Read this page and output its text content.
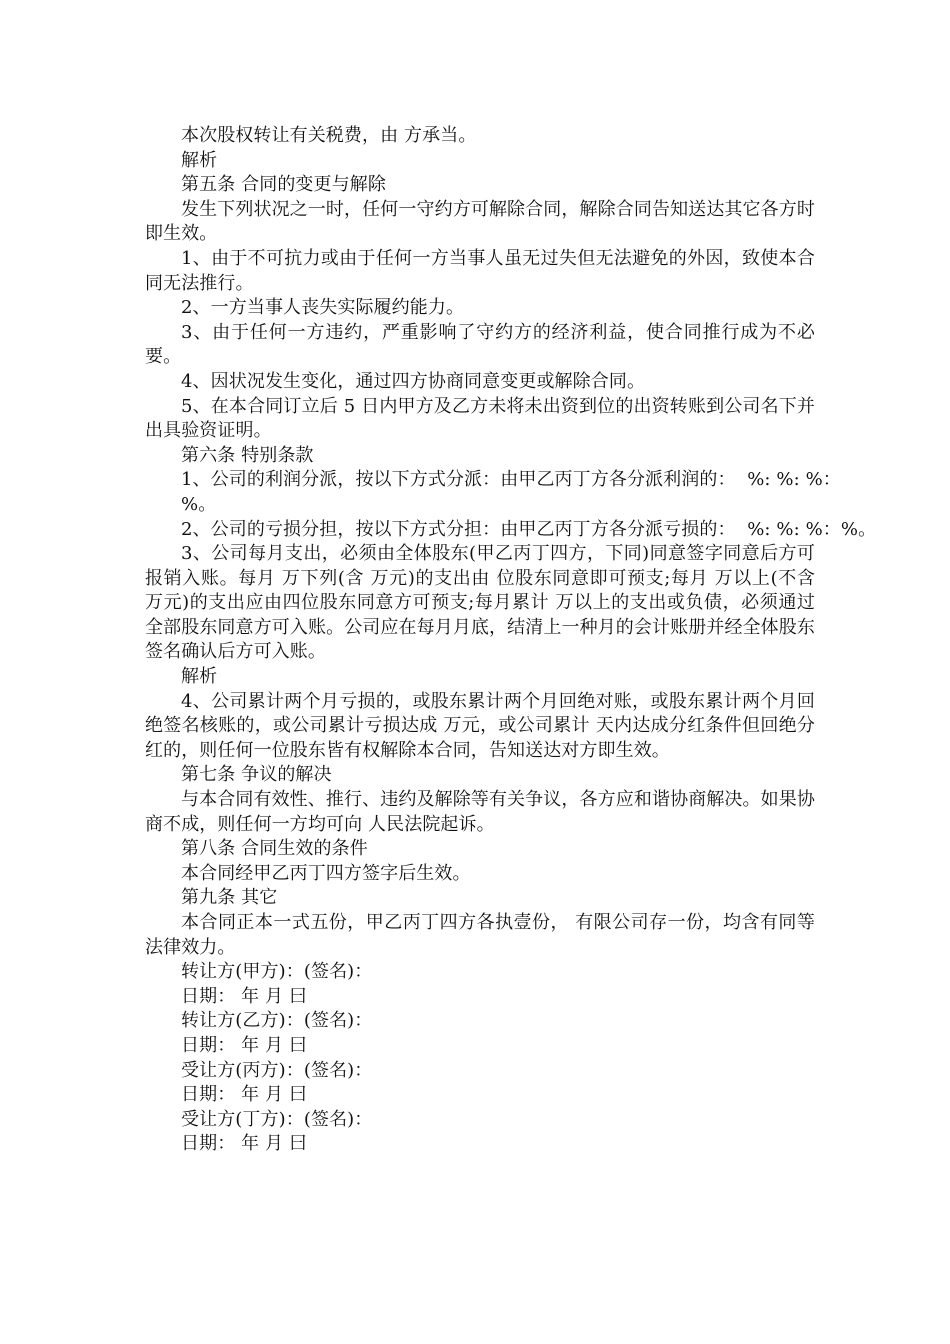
本次股权转让有关税费，由 方承当。

解析

第五条 合同的变更与解除

发生下列状况之一时，任何一守约方可解除合同，解除合同告知送达其它各方时即生效。

1、由于不可抗力或由于任何一方当事人虽无过失但无法避免的外因，致使本合同无法推行。

2、一方当事人丧失实际履约能力。

3、由于任何一方违约，严重影响了守约方的经济利益，使合同推行成为不必要。

4、因状况发生变化，通过四方协商同意变更或解除合同。

5、在本合同订立后 5 日内甲方及乙方未将未出资到位的出资转账到公司名下并出具验资证明。

第六条 特别条款

1、公司的利润分派，按以下方式分派：由甲乙丙丁方各分派利润的：  %: %: %：

%。

2、公司的亏损分担，按以下方式分担：由甲乙丙丁方各分派亏损的：  %: %: %：%。

3、公司每月支出，必须由全体股东(甲乙丙丁四方，下同)同意签字同意后方可报销入账。每月 万下列(含 万元)的支出由 位股东同意即可预支;每月 万以上(不含 万元)的支出应由四位股东同意方可预支;每月累计 万以上的支出或负债，必须通过全部股东同意方可入账。公司应在每月月底，结清上一种月的会计账册并经全体股东签名确认后方可入账。

解析

4、公司累计两个月亏损的，或股东累计两个月回绝对账，或股东累计两个月回绝签名核账的，或公司累计亏损达成 万元，或公司累计 天内达成分红条件但回绝分红的，则任何一位股东皆有权解除本合同，告知送达对方即生效。

第七条 争议的解决

与本合同有效性、推行、违约及解除等有关争议，各方应和谐协商解决。如果协商不成，则任何一方均可向 人民法院起诉。

第八条 合同生效的条件

本合同经甲乙丙丁四方签字后生效。

第九条 其它

本合同正本一式五份，甲乙丙丁四方各执壹份， 有限公司存一份，均含有同等法律效力。

转让方(甲方)：(签名)：

日期： 年 月 曰

转让方(乙方)：(签名)：

日期： 年 月 曰

受让方(丙方)：(签名)：

日期： 年 月 曰

受让方(丁方)：(签名)：

日期： 年 月 曰
